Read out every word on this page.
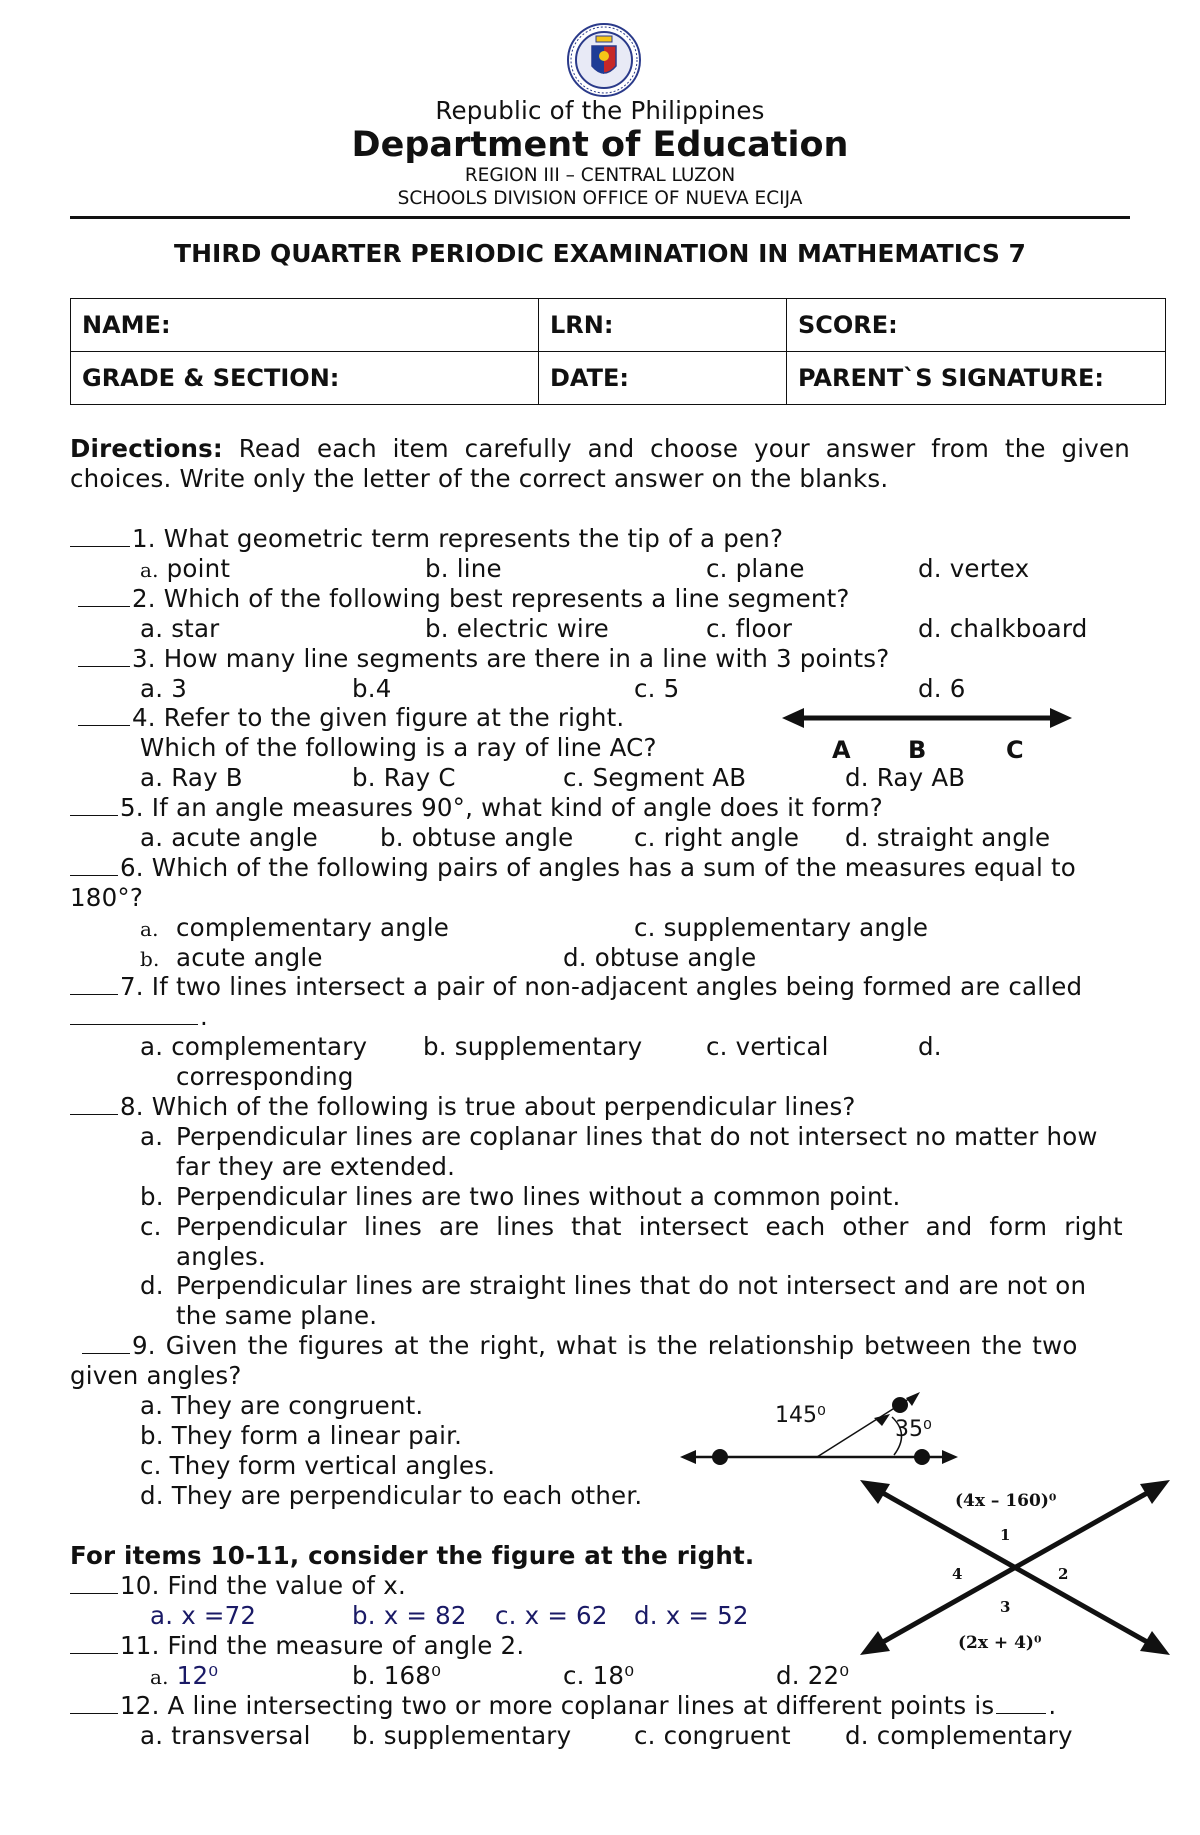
Republic of the Philippines
Department of Education
REGION III – CENTRAL LUZON
SCHOOLS DIVISION OFFICE OF NUEVA ECIJA
THIRD QUARTER PERIODIC EXAMINATION IN MATHEMATICS 7
NAME:	LRN:	SCORE:
GRADE & SECTION:	DATE:	PARENT`S SIGNATURE:
Directions: Read each item carefully and choose your answer from the given choices. Write only the letter of the correct answer on the blanks.
1. What geometric term represents the tip of a pen?
a. point	b. line	c. plane	d. vertex
2. Which of the following best represents a line segment?
a. star	b. electric wire	c. floor	d. chalkboard
3. How many line segments are there in a line with 3 points?
a. 3	b.4	c. 5	d. 6
4. Refer to the given figure at the right.
Which of the following is a ray of line AC?
a. Ray B	b. Ray C	c. Segment AB	d. Ray AB
A B	C
5. If an angle measures 90°, what kind of angle does it form?
a. acute angle	b. obtuse angle c. right angle d. straight angle
6. Which of the following pairs of angles has a sum of the measures equal to
180°?
a. complementary angle	c. supplementary angle
b. acute angle	d. obtuse angle
7. If two lines intersect a pair of non-adjacent angles being formed are called
.
a. complementary
corresponding
b. supplementary	c. vertical	d.
8. Which of the following is true about perpendicular lines?
a. Perpendicular lines are coplanar lines that do not intersect no matter how
far they are extended.
b. Perpendicular lines are two lines without a common point.
c. Perpendicular lines are lines that intersect each other and form right
angles.
d. Perpendicular lines are straight lines that do not intersect and are not on
the same plane.
9. Given the figures at the right, what is the relationship between the two
given angles?
a. They are congruent.
b. They form a linear pair.
c. They form vertical angles.
d. They are perpendicular to each other.
145⁰
35⁰
For items 10-11, consider the figure at the right.
10. Find the value of x.
a. x =72	b. x = 82 c. x = 62 d. x = 52
11. Find the measure of angle 2.
a. 12⁰	b. 168⁰	c. 18⁰	d. 22⁰
(4x – 160)⁰
(2x + 4)⁰
1
2
3
4
12. A line intersecting two or more coplanar lines at different points is .
a. transversal b. supplementary	c. congruent d. complementary
